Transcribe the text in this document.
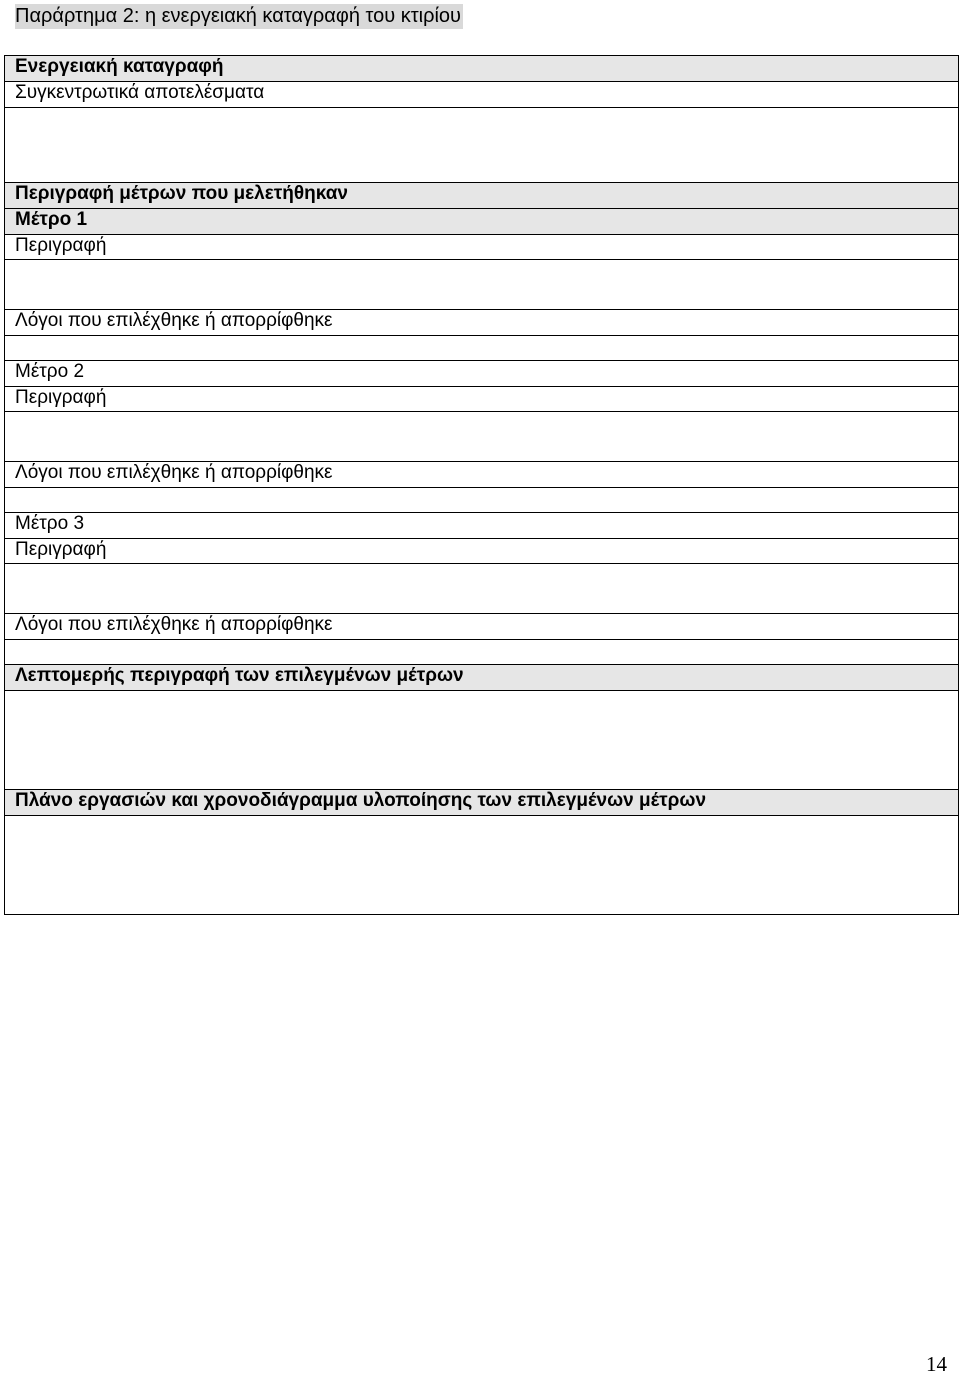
Παράρτημα 2: η ενεργειακή καταγραφή του κτιρίου
Ενεργειακή καταγραφή
Συγκεντρωτικά αποτελέσματα

Περιγραφή μέτρων που μελετήθηκαν
Μέτρο 1
Περιγραφή

Λόγοι που επιλέχθηκε ή απορρίφθηκε

Μέτρο 2
Περιγραφή

Λόγοι που επιλέχθηκε ή απορρίφθηκε

Μέτρο 3
Περιγραφή

Λόγοι που επιλέχθηκε ή απορρίφθηκε

Λεπτομερής περιγραφή των επιλεγμένων μέτρων

Πλάνο εργασιών και χρονοδιάγραμμα υλοποίησης των επιλεγμένων μέτρων

14
